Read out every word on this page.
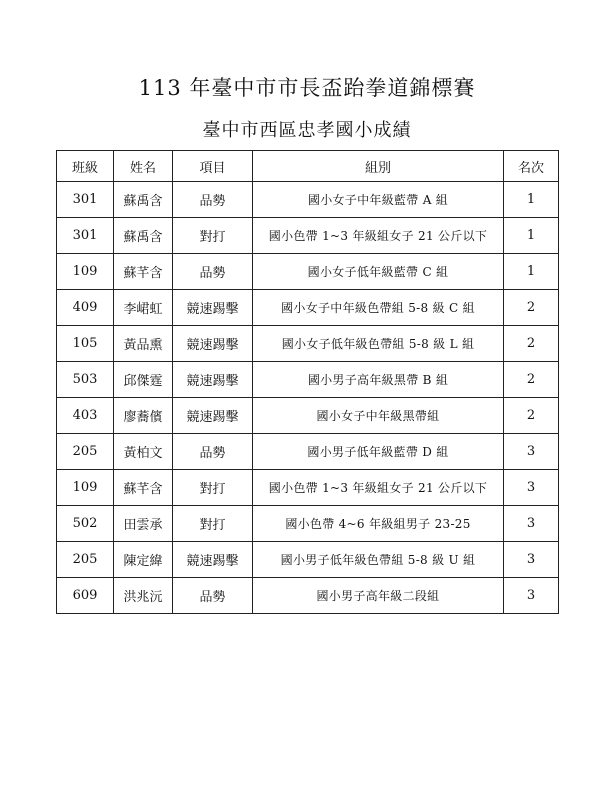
113 年臺中市市長盃跆拳道錦標賽
臺中市西區忠孝國小成績
班級	姓名	項目	組別	名次
301	蘇禹含	品勢	國小女子中年級藍帶 A 組	1
301	蘇禹含	對打	國小色帶 1~3 年級組女子 21 公斤以下	1
109	蘇芊含	品勢	國小女子低年級藍帶 C 組	1
409	李峮虹	競速踢擊	國小女子中年級色帶組 5-8 級 C 組	2
105	黃品熏	競速踢擊	國小女子低年級色帶組 5-8 級 L 組	2
503	邱傑霆	競速踢擊	國小男子高年級黑帶 B 組	2
403	廖蕎儐	競速踢擊	國小女子中年級黑帶組	2
205	黃柏文	品勢	國小男子低年級藍帶 D 組	3
109	蘇芊含	對打	國小色帶 1~3 年級組女子 21 公斤以下	3
502	田雲承	對打	國小色帶 4~6 年級組男子 23-25	3
205	陳定緯	競速踢擊	國小男子低年級色帶組 5-8 級 U 組	3
609	洪兆沅	品勢	國小男子高年級二段組	3
